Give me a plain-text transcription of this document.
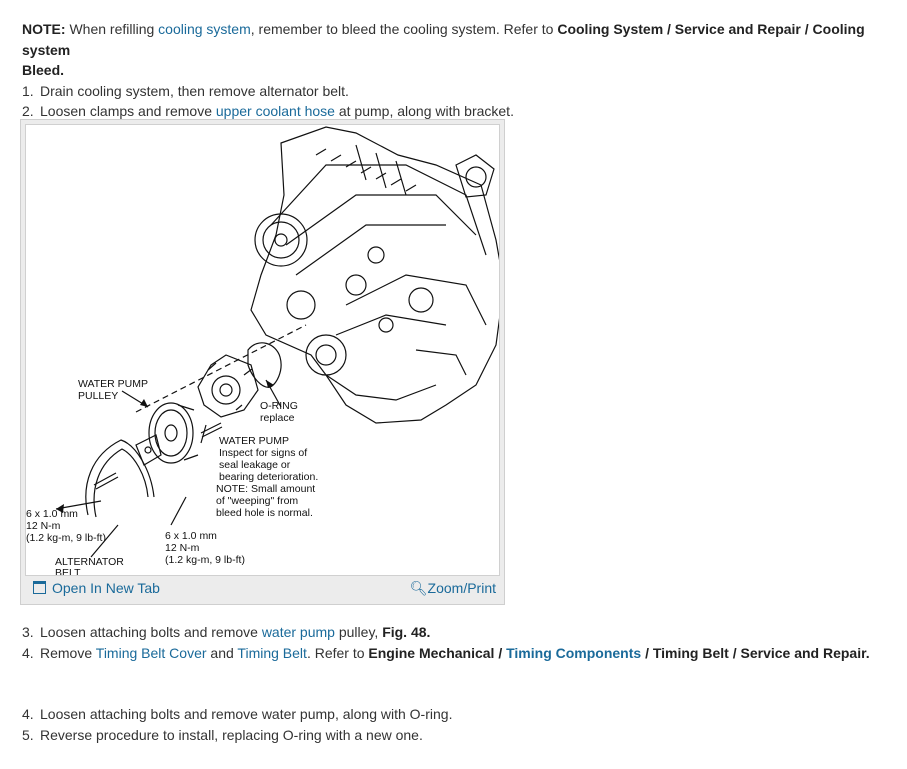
NOTE: When refilling cooling system, remember to bleed the cooling system. Refer to Cooling System / Service and Repair / Cooling system
Bleed.
1. Drain cooling system, then remove alternator belt.
2. Loosen clamps and remove upper coolant hose at pump, along with bracket.
WATER PUMP
PULLEY
O-RING
replace
WATER PUMP
Inspect for signs of
seal leakage or
bearing deterioration.
NOTE: Small amount
of "weeping" from
bleed hole is normal.
6 x 1.0 mm
12 N-m
(1.2 kg-m, 9 lb-ft)	6 x 1.0 mm
12 N-m
(1.2 kg-m, 9 lb-ft)
ALTERNATOR
BELT
Open In New Tab	🔍︎Zoom/Print
3. Loosen attaching bolts and remove water pump pulley, Fig. 48.
4. Remove Timing Belt Cover and Timing Belt. Refer to Engine Mechanical / Timing Components / Timing Belt / Service and Repair.
4. Loosen attaching bolts and remove water pump, along with O-ring.
5. Reverse procedure to install, replacing O-ring with a new one.
